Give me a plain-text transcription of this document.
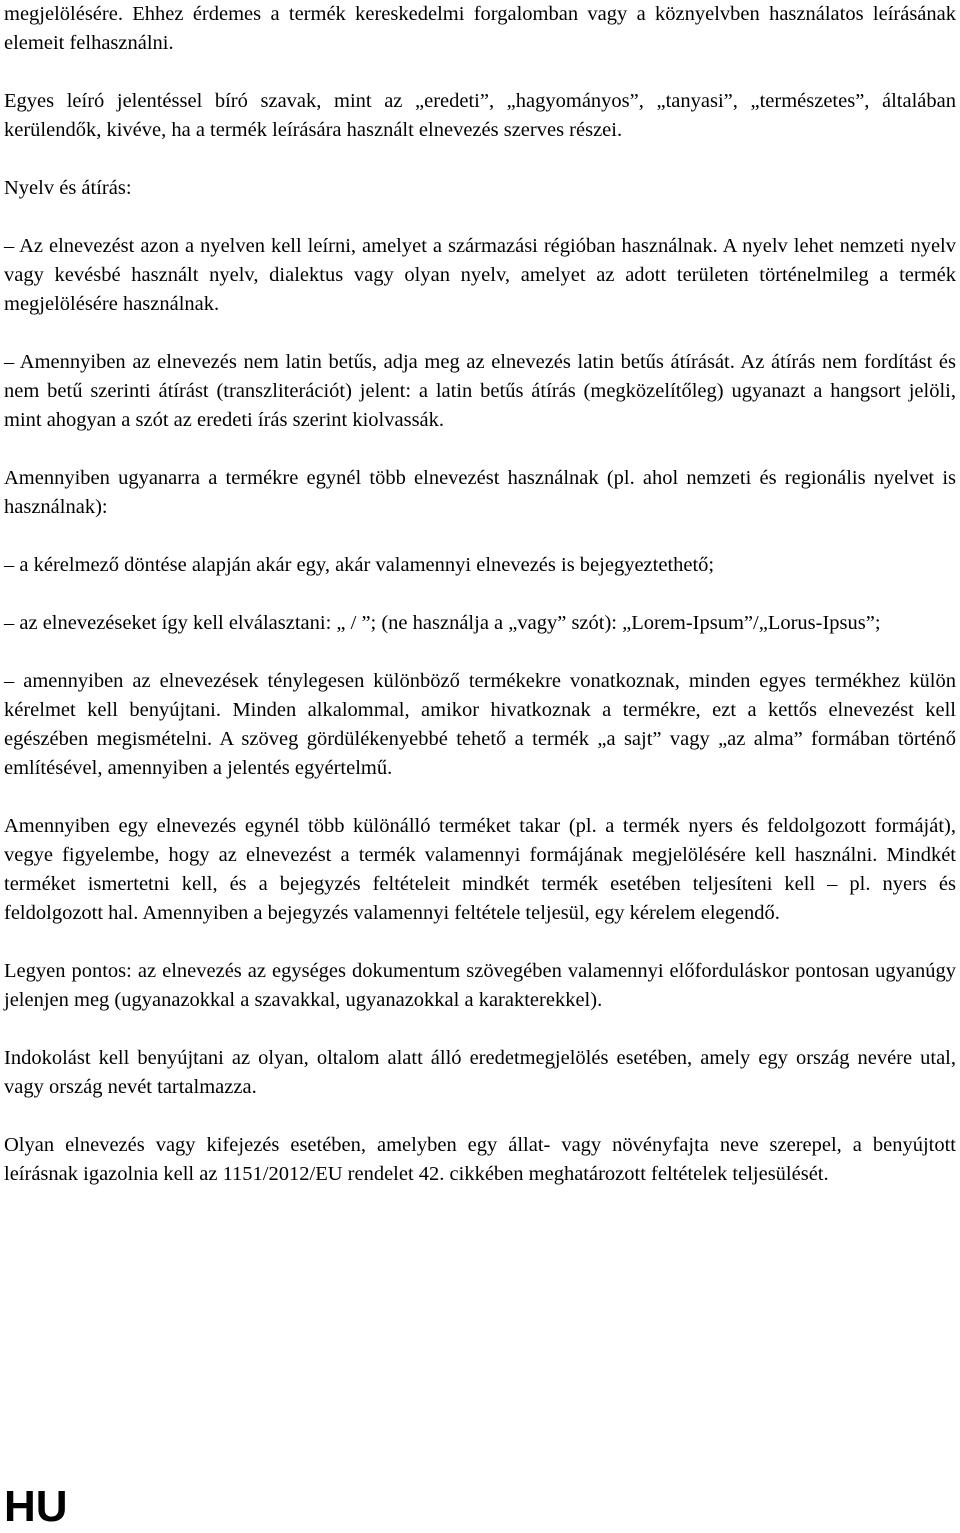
megjelölésére. Ehhez érdemes a termék kereskedelmi forgalomban vagy a köznyelvben használatos leírásának elemeit felhasználni.

Egyes leíró jelentéssel bíró szavak, mint az „eredeti”, „hagyományos”, „tanyasi”, „természetes”, általában kerülendők, kivéve, ha a termék leírására használt elnevezés szerves részei.

Nyelv és átírás:

– Az elnevezést azon a nyelven kell leírni, amelyet a származási régióban használnak. A nyelv lehet nemzeti nyelv vagy kevésbé használt nyelv, dialektus vagy olyan nyelv, amelyet az adott területen történelmileg a termék megjelölésére használnak.

– Amennyiben az elnevezés nem latin betűs, adja meg az elnevezés latin betűs átírását. Az átírás nem fordítást és nem betű szerinti átírást (transzliterációt) jelent: a latin betűs átírás (megközelítőleg) ugyanazt a hangsort jelöli, mint ahogyan a szót az eredeti írás szerint kiolvassák.

Amennyiben ugyanarra a termékre egynél több elnevezést használnak (pl. ahol nemzeti és regionális nyelvet is használnak):

– a kérelmező döntése alapján akár egy, akár valamennyi elnevezés is bejegyeztethető;

– az elnevezéseket így kell elválasztani: „ / ”; (ne használja a „vagy” szót): „Lorem-Ipsum”/„Lorus-Ipsus”;

– amennyiben az elnevezések ténylegesen különböző termékekre vonatkoznak, minden egyes termékhez külön kérelmet kell benyújtani. Minden alkalommal, amikor hivatkoznak a termékre, ezt a kettős elnevezést kell egészében megismételni. A szöveg gördülékenyebbé tehető a termék „a sajt” vagy „az alma” formában történő említésével, amennyiben a jelentés egyértelmű.

Amennyiben egy elnevezés egynél több különálló terméket takar (pl. a termék nyers és feldolgozott formáját), vegye figyelembe, hogy az elnevezést a termék valamennyi formájának megjelölésére kell használni. Mindkét terméket ismertetni kell, és a bejegyzés feltételeit mindkét termék esetében teljesíteni kell – pl. nyers és feldolgozott hal. Amennyiben a bejegyzés valamennyi feltétele teljesül, egy kérelem elegendő.

Legyen pontos: az elnevezés az egységes dokumentum szövegében valamennyi előforduláskor pontosan ugyanúgy jelenjen meg (ugyanazokkal a szavakkal, ugyanazokkal a karakterekkel).

Indokolást kell benyújtani az olyan, oltalom alatt álló eredetmegjelölés esetében, amely egy ország nevére utal, vagy ország nevét tartalmazza.

Olyan elnevezés vagy kifejezés esetében, amelyben egy állat- vagy növényfajta neve szerepel, a benyújtott leírásnak igazolnia kell az 1151/2012/EU rendelet 42. cikkében meghatározott feltételek teljesülését.

HU
